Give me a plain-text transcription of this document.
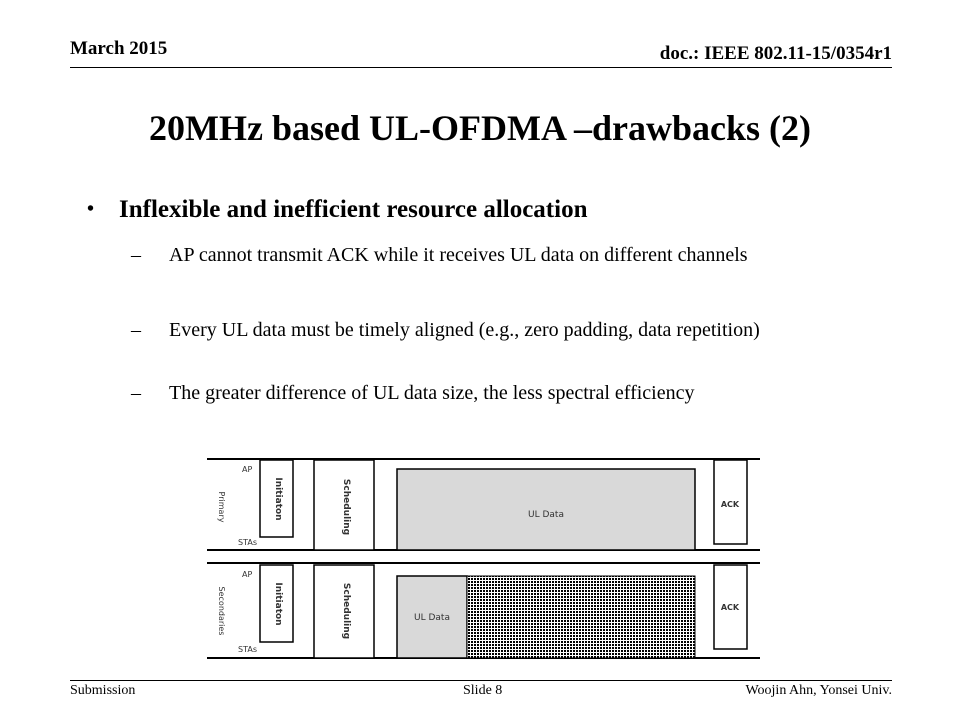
March 2015	doc.: IEEE 802.11-15/0354r1
20MHz based UL-OFDMA –drawbacks (2)
• Inflexible and inefficient resource allocation
– AP cannot transmit ACK while it receives UL data on different channels
– Every UL data must be timely aligned (e.g., zero padding, data repetition)
– The greater difference of UL data size, the less spectral efficiency
AP
STAs
Primary	Initiaton	Scheduling	UL Data
ACK
AP
STAs
Secondaries	Initiaton	Scheduling	UL Data
ACK
Submission	Slide 8	Woojin Ahn, Yonsei Univ.
